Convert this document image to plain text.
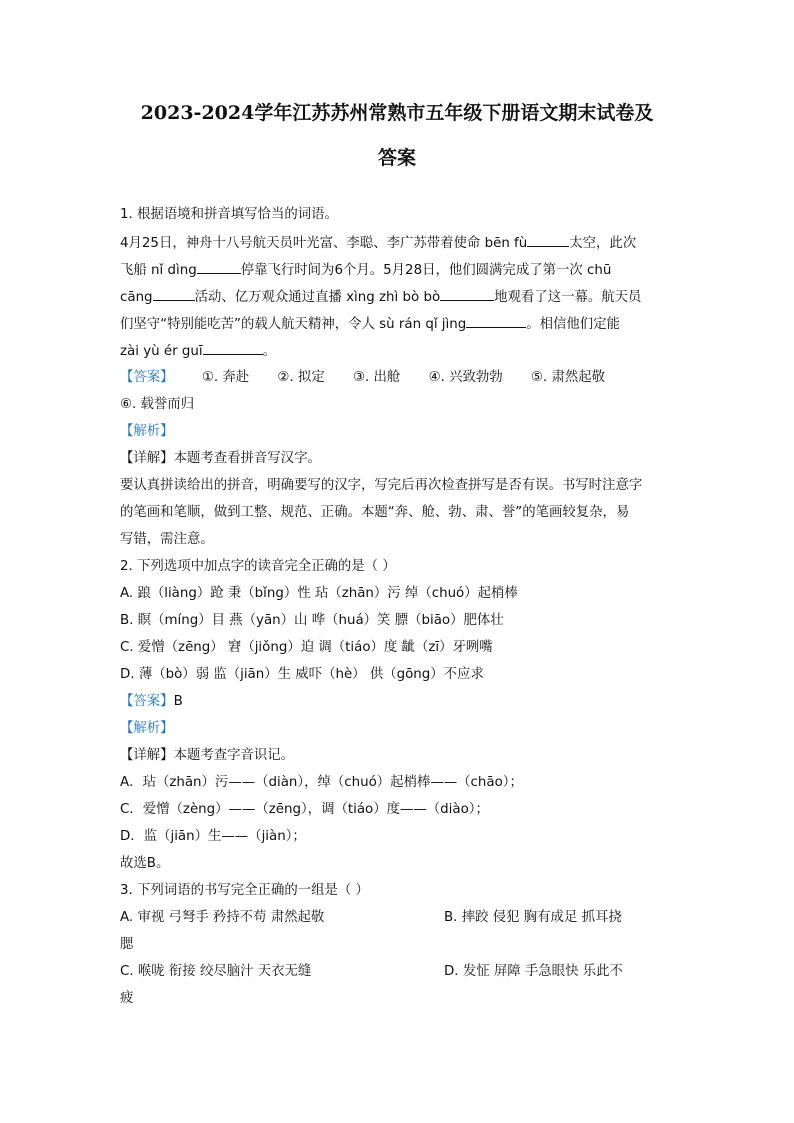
2023-2024学年江苏苏州常熟市五年级下册语文期末试卷及
答案
1. 根据语境和拼音填写恰当的词语。
4月25日，神舟十八号航天员叶光富、李聪、李广苏带着使命 bēn fù	太空，此次
飞船 nǐ dìng	停靠飞行时间为6个月。5月28日，他们圆满完成了第一次 chū
cāng	活动、亿万观众通过直播 xìng zhì bò bò	地观看了这一幕。航天员
们坚守“特别能吃苦”的载人航天精神，令人 sù rán qǐ jìng	。相信他们定能
zài yù ér guī	。
【答案】 ①. 奔赴 ②. 拟定 ③. 出舱 ④. 兴致勃勃 ⑤. 肃然起敬
⑥. 载誉而归
【解析】
【详解】本题考查看拼音写汉字。
要认真拼读给出的拼音，明确要写的汉字，写完后再次检查拼写是否有误。书写时注意字
的笔画和笔顺，做到工整、规范、正确。本题“奔、舱、勃、肃、誉”的笔画较复杂，易
写错，需注意。
2. 下列选项中加点字的读音完全正确的是（ ）
A. 踉（liàng）跄 秉（bǐng）性 玷（zhān）污 绰（chuó）起梢棒
B. 瞑（míng）目 燕（yān）山 哗（huá）笑 膘（biāo）肥体壮
C. 爱憎（zēng） 窘（jiǒng）迫 调（tiáo）度 龇（zī）牙咧嘴
D. 薄（bò）弱 监（jiān）生 威吓（hè） 供（gōng）不应求
【答案】B
【解析】
【详解】本题考查字音识记。
A．玷（zhān）污——（diàn），绰（chuó）起梢棒——（chāo）；
C．爱憎（zèng）——（zēng），调（tiáo）度——（diào）；
D．监（jiān）生——（jiàn）；
故选B。
3. 下列词语的书写完全正确的一组是（ ）
A. 审视 弓弩手 矜持不苟 肃然起敬	B. 摔跤 侵犯 胸有成足 抓耳挠
腮
C. 喉咙 衔接 绞尽脑汁 天衣无缝	D. 发怔 屏障 手急眼快 乐此不
疲
